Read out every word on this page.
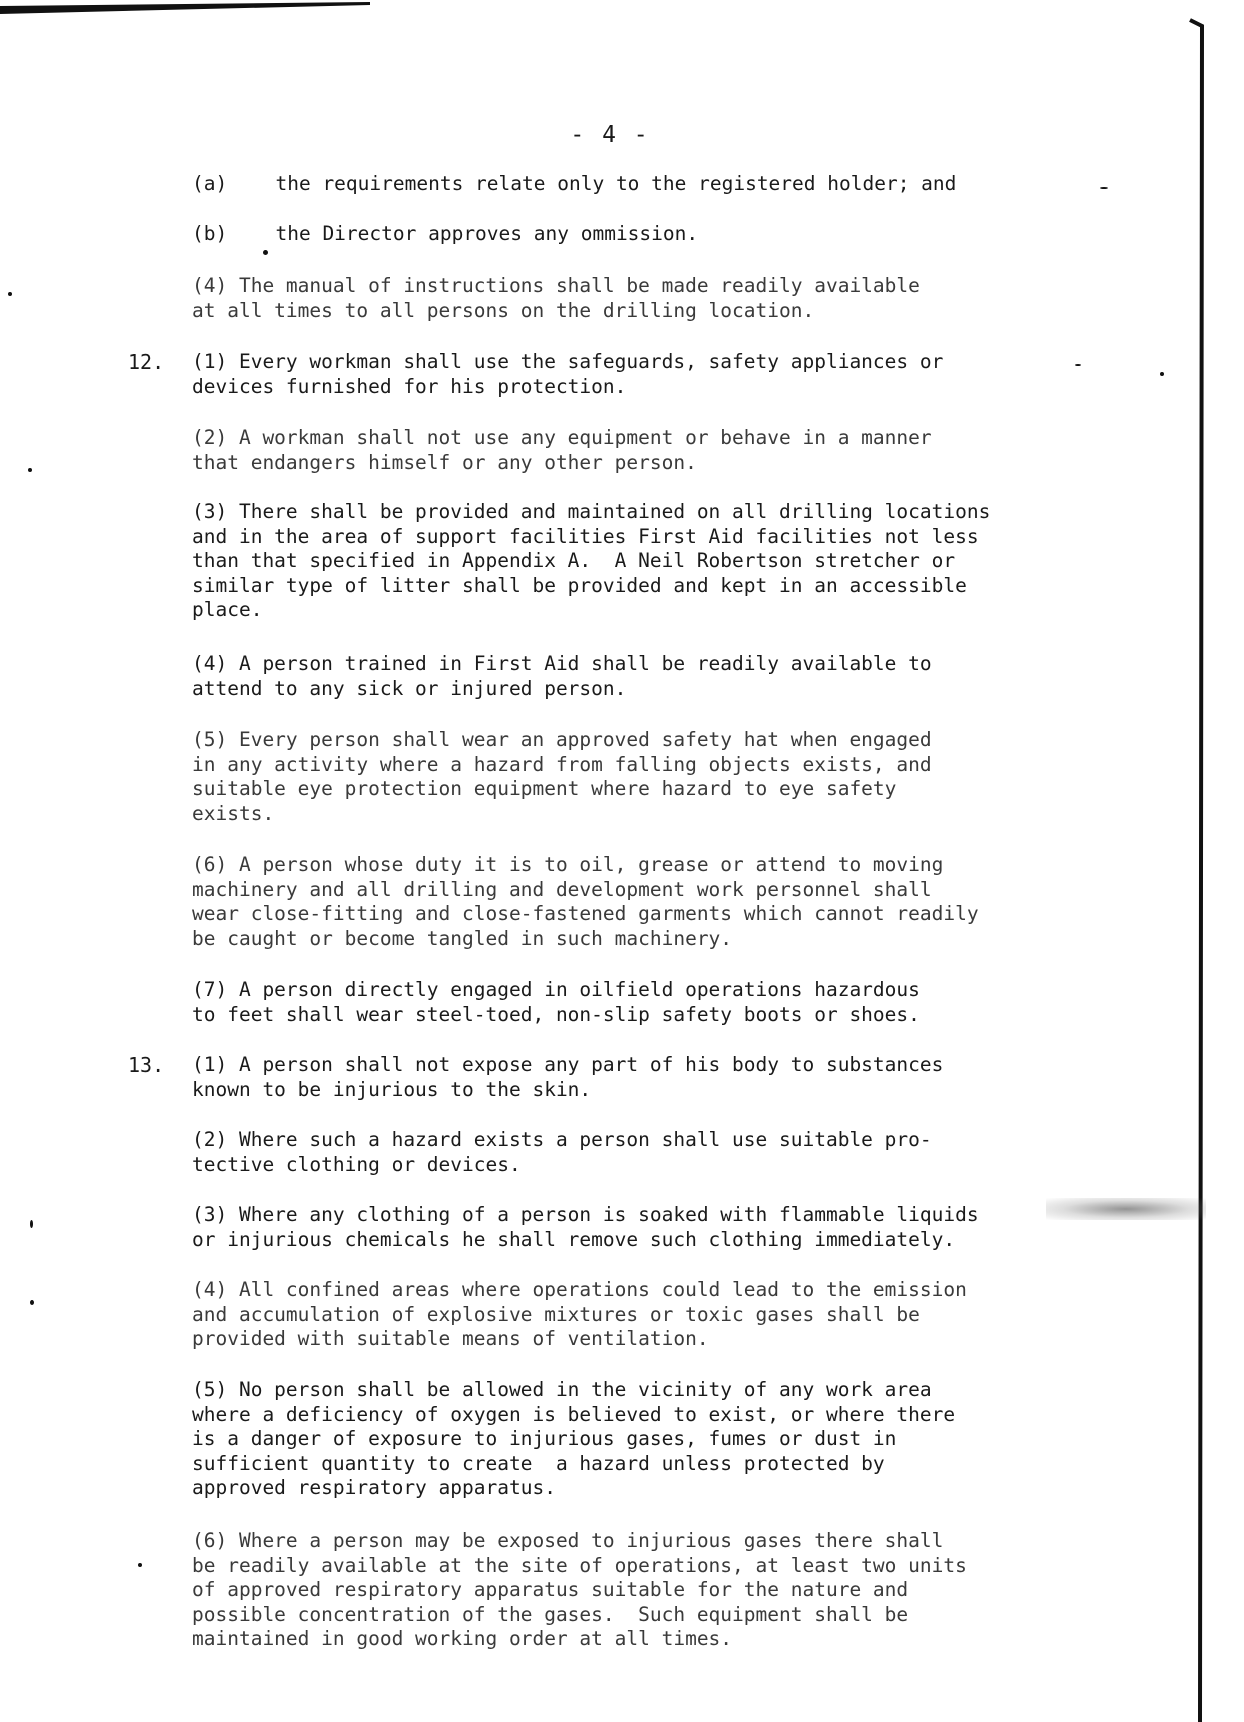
- 4 -
(a)  the requirements relate only to the registered holder; and
(b)  the Director approves any ommission.
(4) The manual of instructions shall be made readily available
at all times to all persons on the drilling location.
12. (1) Every workman shall use the safeguards, safety appliances or
devices furnished for his protection.
(2) A workman shall not use any equipment or behave in a manner
that endangers himself or any other person.
(3) There shall be provided and maintained on all drilling locations
and in the area of support facilities First Aid facilities not less
than that specified in Appendix A.  A Neil Robertson stretcher or
similar type of litter shall be provided and kept in an accessible
place.
(4) A person trained in First Aid shall be readily available to
attend to any sick or injured person.
(5) Every person shall wear an approved safety hat when engaged
in any activity where a hazard from falling objects exists, and
suitable eye protection equipment where hazard to eye safety
exists.
(6) A person whose duty it is to oil, grease or attend to moving
machinery and all drilling and development work personnel shall
wear close-fitting and close-fastened garments which cannot readily
be caught or become tangled in such machinery.
(7) A person directly engaged in oilfield operations hazardous
to feet shall wear steel-toed, non-slip safety boots or shoes.
13. (1) A person shall not expose any part of his body to substances
known to be injurious to the skin.
(2) Where such a hazard exists a person shall use suitable pro-
tective clothing or devices.
(3) Where any clothing of a person is soaked with flammable liquids
or injurious chemicals he shall remove such clothing immediately.
(4) All confined areas where operations could lead to the emission
and accumulation of explosive mixtures or toxic gases shall be
provided with suitable means of ventilation.
(5) No person shall be allowed in the vicinity of any work area
where a deficiency of oxygen is believed to exist, or where there
is a danger of exposure to injurious gases, fumes or dust in
sufficient quantity to create  a hazard unless protected by
approved respiratory apparatus.
(6) Where a person may be exposed to injurious gases there shall
be readily available at the site of operations, at least two units
of approved respiratory apparatus suitable for the nature and
possible concentration of the gases.  Such equipment shall be
maintained in good working order at all times.
